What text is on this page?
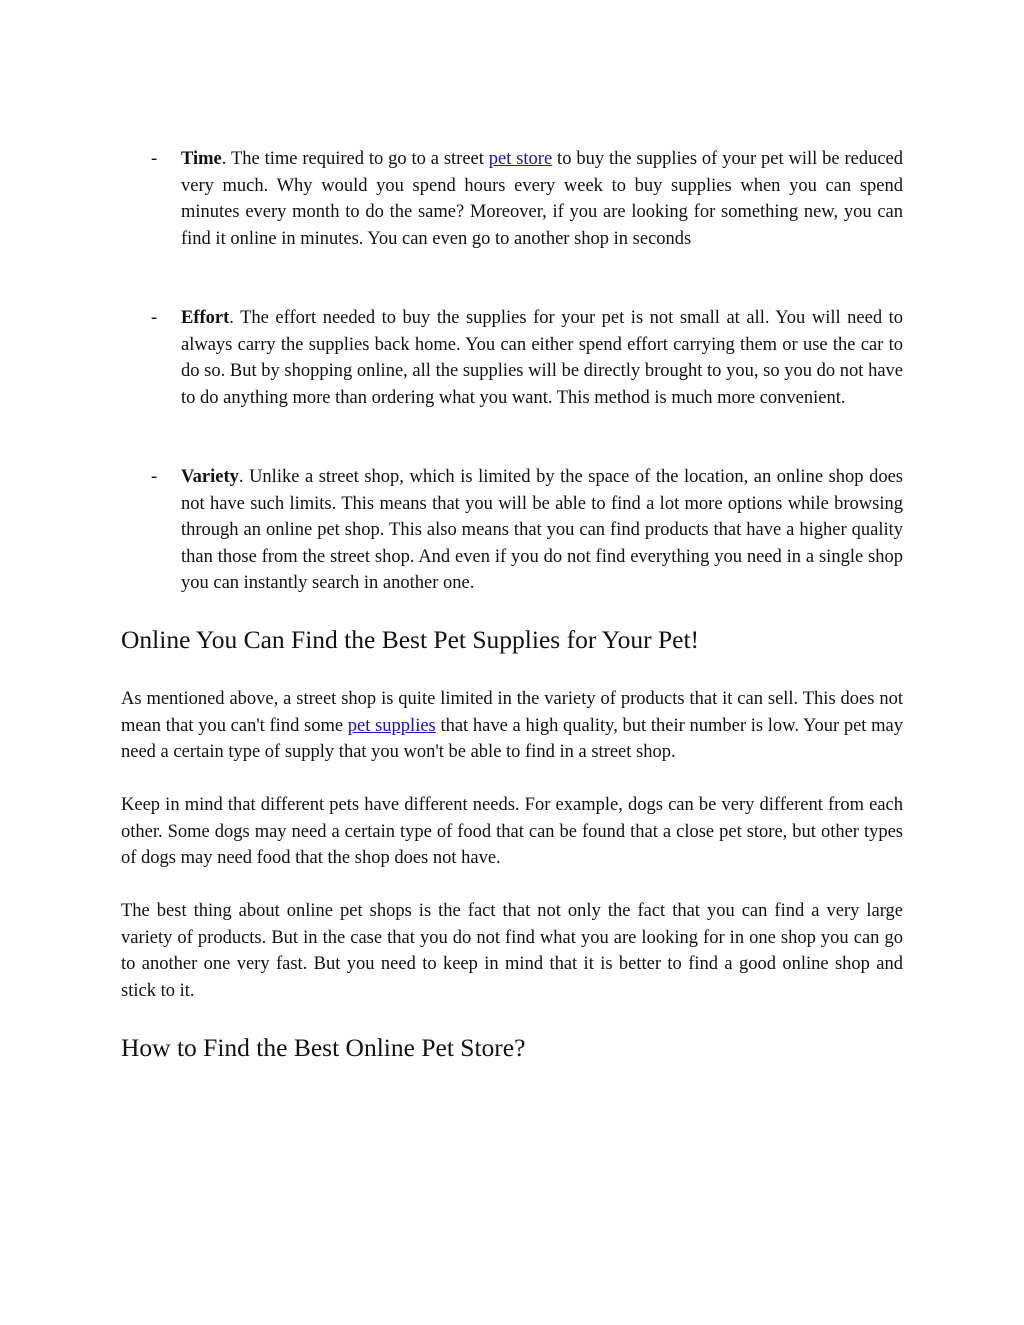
- Time. The time required to go to a street pet store to buy the supplies of your pet will be reduced very much. Why would you spend hours every week to buy supplies when you can spend minutes every month to do the same? Moreover, if you are looking for something new, you can find it online in minutes. You can even go to another shop in seconds
- Effort. The effort needed to buy the supplies for your pet is not small at all. You will need to always carry the supplies back home. You can either spend effort carrying them or use the car to do so. But by shopping online, all the supplies will be directly brought to you, so you do not have to do anything more than ordering what you want. This method is much more convenient.
- Variety. Unlike a street shop, which is limited by the space of the location, an online shop does not have such limits. This means that you will be able to find a lot more options while browsing through an online pet shop. This also means that you can find products that have a higher quality than those from the street shop. And even if you do not find everything you need in a single shop you can instantly search in another one.
Online You Can Find the Best Pet Supplies for Your Pet!

As mentioned above, a street shop is quite limited in the variety of products that it can sell. This does not mean that you can't find some pet supplies that have a high quality, but their number is low. Your pet may need a certain type of supply that you won't be able to find in a street shop.

Keep in mind that different pets have different needs. For example, dogs can be very different from each other. Some dogs may need a certain type of food that can be found that a close pet store, but other types of dogs may need food that the shop does not have.

The best thing about online pet shops is the fact that not only the fact that you can find a very large variety of products. But in the case that you do not find what you are looking for in one shop you can go to another one very fast. But you need to keep in mind that it is better to find a good online shop and stick to it.

How to Find the Best Online Pet Store?
